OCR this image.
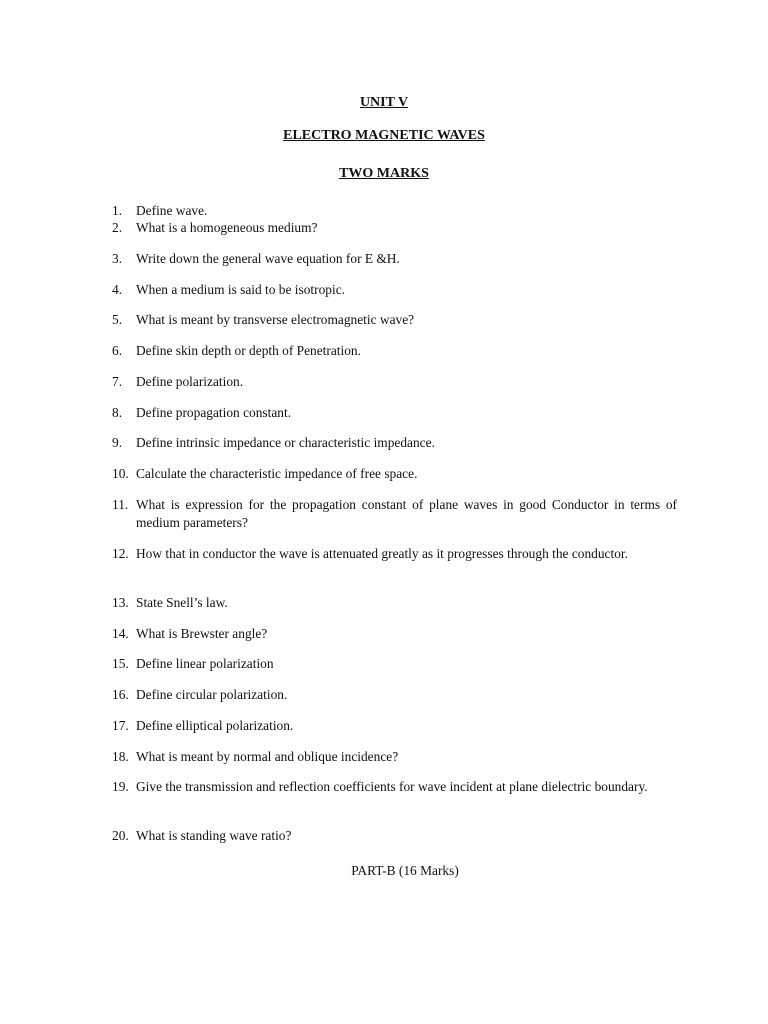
UNIT V
ELECTRO MAGNETIC WAVES
TWO MARKS
1.	Define wave.
2.	What is a homogeneous medium?
3.	Write down the general wave equation for E &H.
4.	When a medium is said to be isotropic.
5.	What is meant by transverse electromagnetic wave?
6.	Define skin depth or depth of Penetration.
7.	Define polarization.
8.	Define propagation constant.
9.	Define intrinsic impedance or characteristic impedance.
10. Calculate the characteristic impedance of free space.
11. What is expression for the propagation constant of plane waves in good Conductor in terms of medium parameters?
12. How that in conductor the wave is attenuated greatly as it progresses through the conductor.
13. State Snell’s law.
14. What is Brewster angle?
15. Define linear polarization
16. Define circular polarization.
17. Define elliptical polarization.
18. What is meant by normal and oblique incidence?
19. Give the transmission and reflection coefficients for wave incident at plane dielectric boundary.
20. What is standing wave ratio?
PART-B (16 Marks)
